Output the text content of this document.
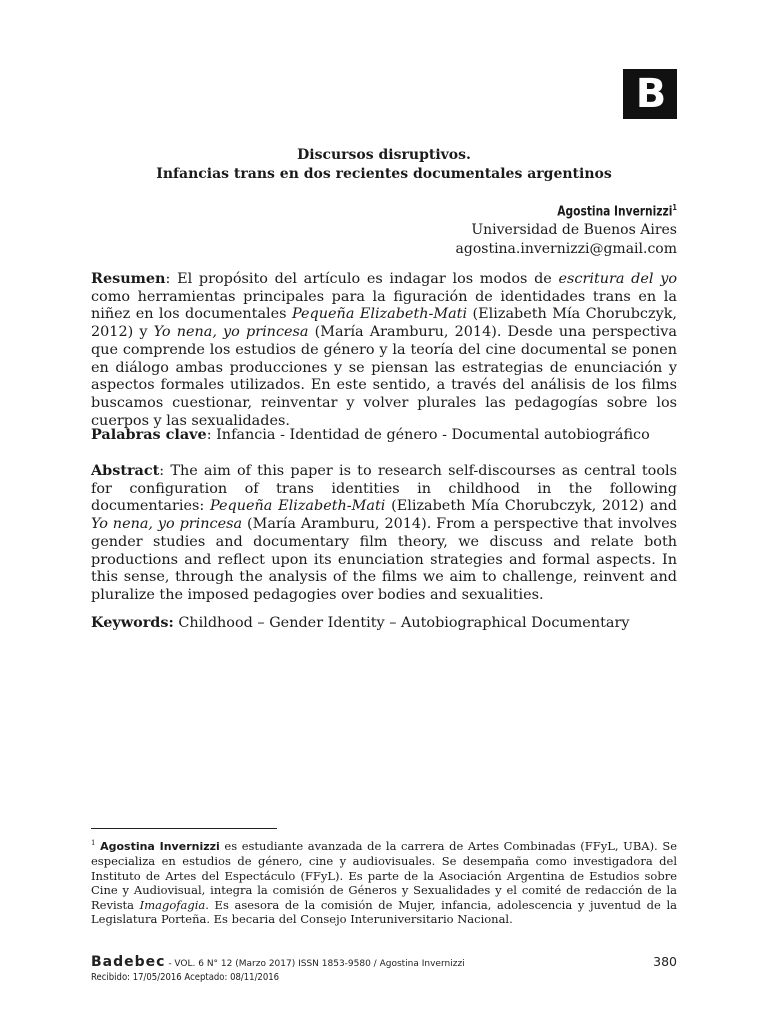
B
Discursos disruptivos.
Infancias trans en dos recientes documentales argentinos
Agostina Invernizzi$^1$
Universidad de Buenos Aires
agostina.invernizzi@gmail.com

Resumen: El propósito del artículo es indagar los modos de escritura del yo como herramientas principales para la figuración de identidades trans en la niñez en los documentales Pequeña Elizabeth-Mati (Elizabeth Mía Chorubczyk, 2012) y Yo nena, yo princesa (María Aramburu, 2014). Desde una perspectiva que comprende los estudios de género y la teoría del cine documental se ponen en diálogo ambas producciones y se piensan las estrategias de enunciación y aspectos formales utilizados. En este sentido, a través del análisis de los films buscamos cuestionar, reinventar y volver plurales las pedagogías sobre los cuerpos y las sexualidades.

Palabras clave: Infancia - Identidad de género - Documental autobiográfico

Abstract: The aim of this paper is to research self-discourses as central tools for configuration of trans identities in childhood in the following documentaries: Pequeña Elizabeth-Mati (Elizabeth Mía Chorubczyk, 2012) and Yo nena, yo princesa (María Aramburu, 2014). From a perspective that involves gender studies and documentary film theory, we discuss and relate both productions and reflect upon its enunciation strategies and formal aspects. In this sense, through the analysis of the films we aim to challenge, reinvent and pluralize the imposed pedagogies over bodies and sexualities.

Keywords: Childhood – Gender Identity – Autobiographical Documentary

$^1$ Agostina Invernizzi es estudiante avanzada de la carrera de Artes Combinadas (FFyL, UBA). Se especializa en estudios de género, cine y audiovisuales. Se desempaña como investigadora del Instituto de Artes del Espectáculo (FFyL). Es parte de la Asociación Argentina de Estudios sobre Cine y Audiovisual, integra la comisión de Géneros y Sexualidades y el comité de redacción de la Revista Imagofagia. Es asesora de la comisión de Mujer, infancia, adolescencia y juventud de la Legislatura Porteña. Es becaria del Consejo Interuniversitario Nacional.
Badebec - VOL. 6 N° 12 (Marzo 2017) ISSN 1853-9580 / Agostina Invernizzi	380
Recibido: 17/05/2016 Aceptado: 08/11/2016
